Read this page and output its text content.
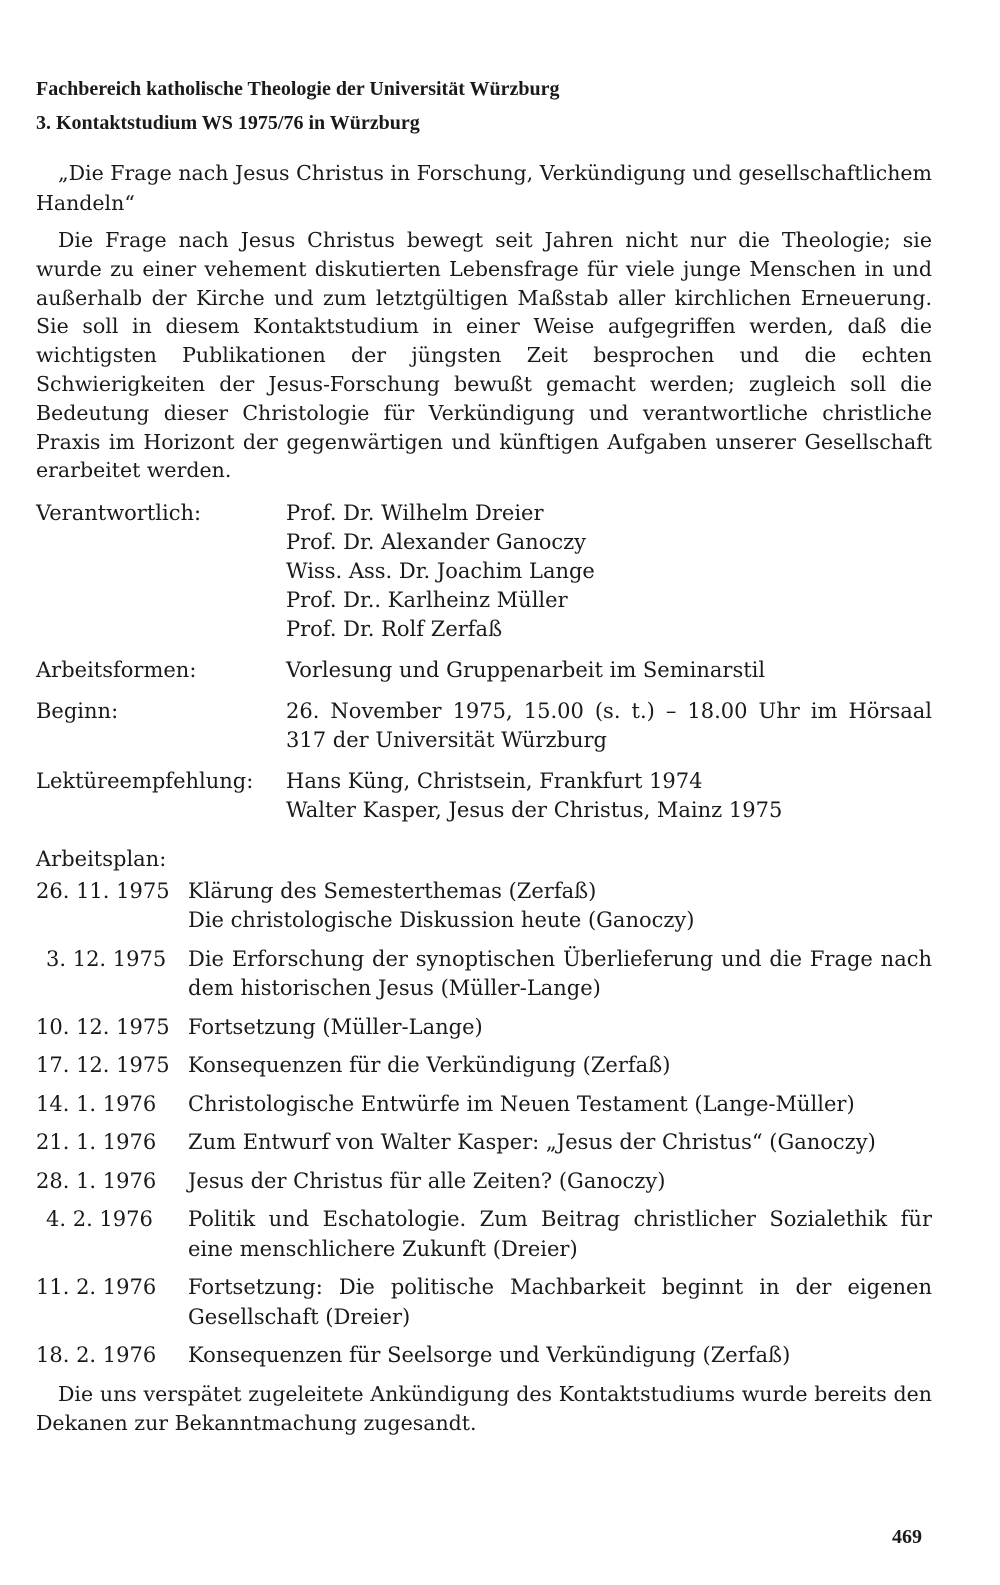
Fachbereich katholische Theologie der Universität Würzburg

3. Kontaktstudium WS 1975/76 in Würzburg

„Die Frage nach Jesus Christus in Forschung, Verkündigung und gesellschaftlichem Handeln“

Die Frage nach Jesus Christus bewegt seit Jahren nicht nur die Theologie; sie wurde zu einer vehement diskutierten Lebensfrage für viele junge Menschen in und außerhalb der Kirche und zum letztgültigen Maßstab aller kirchlichen Erneuerung. Sie soll in diesem Kontaktstudium in einer Weise aufgegriffen werden, daß die wichtigsten Publikationen der jüngsten Zeit besprochen und die echten Schwierigkeiten der Jesus-Forschung bewußt gemacht werden; zugleich soll die Bedeutung dieser Christologie für Verkündigung und verantwortliche christliche Praxis im Horizont der gegenwärtigen und künftigen Aufgaben unserer Gesellschaft erarbeitet werden.

Verantwortlich:	Prof. Dr. Wilhelm Dreier
Prof. Dr. Alexander Ganoczy
Wiss. Ass. Dr. Joachim Lange
Prof. Dr.. Karlheinz Müller
Prof. Dr. Rolf Zerfaß
Arbeitsformen:	Vorlesung und Gruppenarbeit im Seminarstil
Beginn:	26. November 1975, 15.00 (s. t.) – 18.00 Uhr im Hörsaal 317 der Universität Würzburg
Lektüreempfehlung:	Hans Küng, Christsein, Frankfurt 1974
Walter Kasper, Jesus der Christus, Mainz 1975
Arbeitsplan:
26. 11. 1975 Klärung des Semesterthemas (Zerfaß)
Die christologische Diskussion heute (Ganoczy)
3. 12. 1975	Die Erforschung der synoptischen Überlieferung und die Frage nach dem historischen Jesus (Müller-Lange)
10. 12. 1975 Fortsetzung (Müller-Lange)
17. 12. 1975 Konsequenzen für die Verkündigung (Zerfaß)
14. 1. 1976	Christologische Entwürfe im Neuen Testament (Lange-Müller)
21. 1. 1976	Zum Entwurf von Walter Kasper: „Jesus der Christus“ (Ganoczy)
28. 1. 1976	Jesus der Christus für alle Zeiten? (Ganoczy)
4. 2. 1976	Politik und Eschatologie. Zum Beitrag christlicher Sozialethik für eine menschlichere Zukunft (Dreier)
11. 2. 1976	Fortsetzung: Die politische Machbarkeit beginnt in der eigenen Gesellschaft (Dreier)
18. 2. 1976	Konsequenzen für Seelsorge und Verkündigung (Zerfaß)

Die uns verspätet zugeleitete Ankündigung des Kontaktstudiums wurde bereits den Dekanen zur Bekanntmachung zugesandt.

469
